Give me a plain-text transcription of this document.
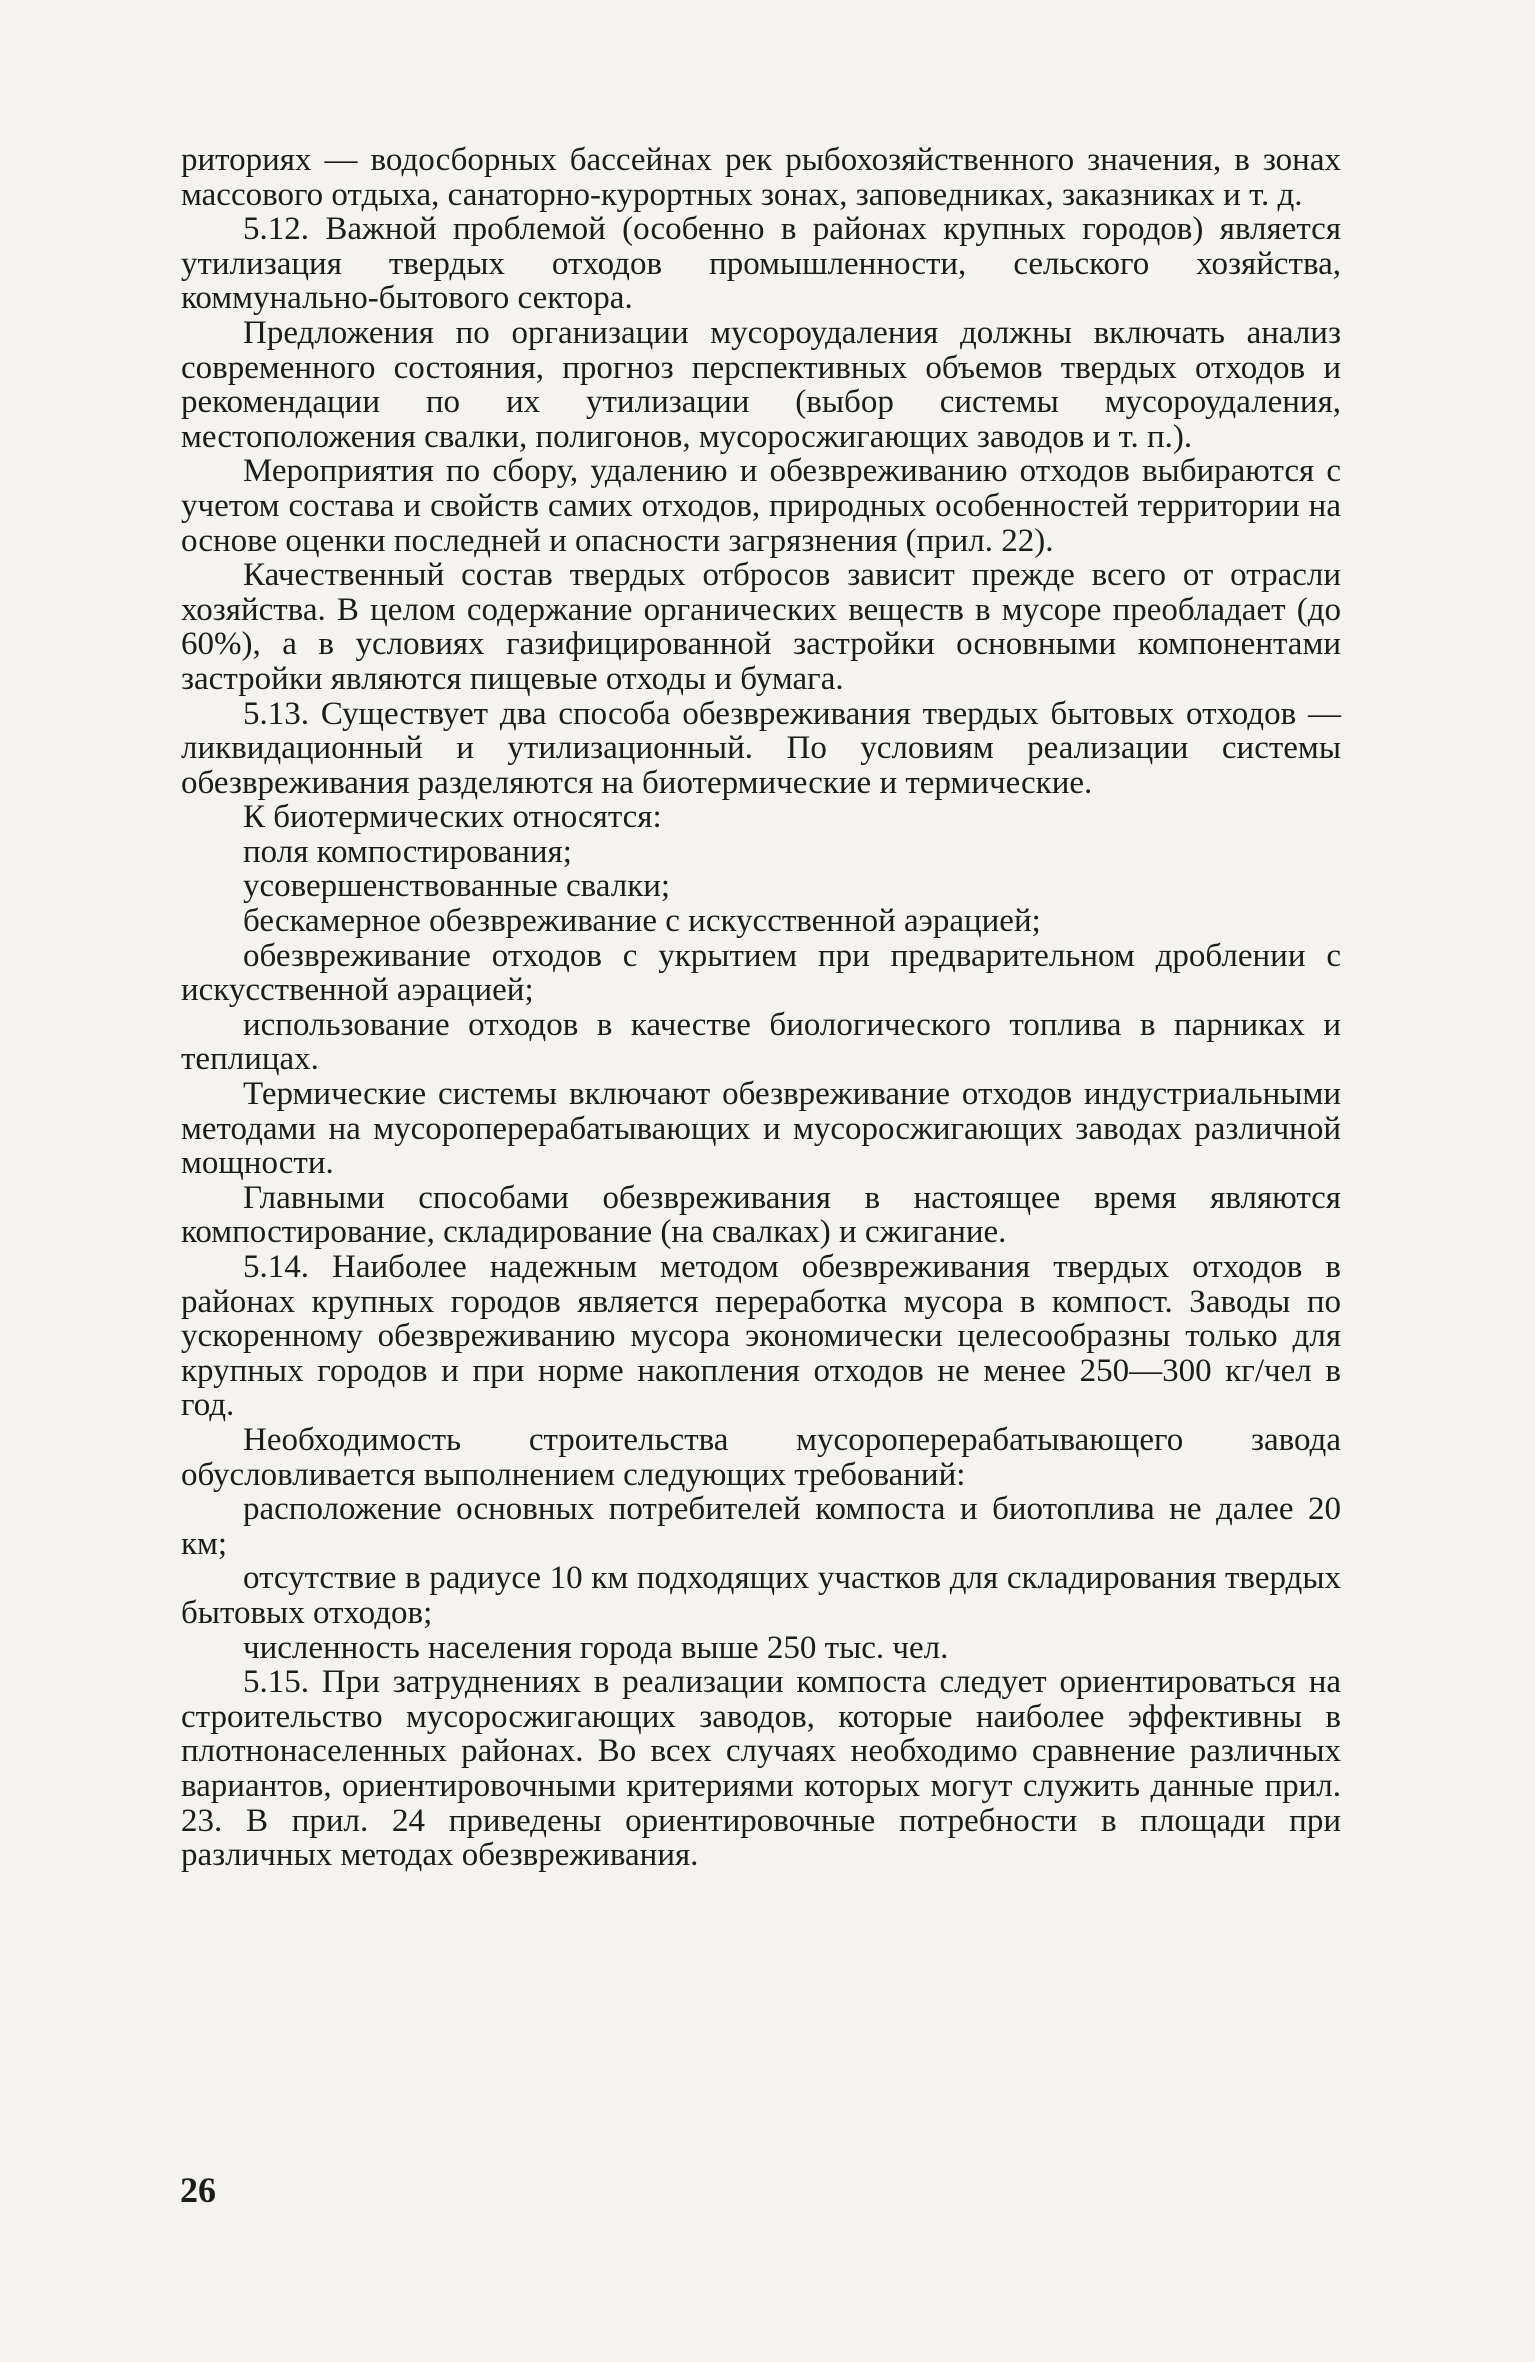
риториях — водосборных бассейнах рек рыбохозяйственного значения, в зонах массового отдыха, санаторно-курортных зонах, заповедниках, заказниках и т. д.

5.12. Важной проблемой (особенно в районах крупных городов) является утилизация твердых отходов промышленности, сельского хозяйства, коммунально-бытового сектора.

Предложения по организации мусороудаления должны включать анализ современного состояния, прогноз перспективных объемов твердых отходов и рекомендации по их утилизации (выбор системы мусороудаления, местоположения свалки, полигонов, мусоросжигающих заводов и т. п.).

Мероприятия по сбору, удалению и обезвреживанию отходов выбираются с учетом состава и свойств самих отходов, природных особенностей территории на основе оценки последней и опасности загрязнения (прил. 22).

Качественный состав твердых отбросов зависит прежде всего от отрасли хозяйства. В целом содержание органических веществ в мусоре преобладает (до 60%), а в условиях газифицированной застройки основными компонентами застройки являются пищевые отходы и бумага.

5.13. Существует два способа обезвреживания твердых бытовых отходов — ликвидационный и утилизационный. По условиям реализации системы обезвреживания разделяются на биотермические и термические.

К биотермических относятся:

поля компостирования;

усовершенствованные свалки;

бескамерное обезвреживание с искусственной аэрацией;

обезвреживание отходов с укрытием при предварительном дроблении с искусственной аэрацией;

использование отходов в качестве биологического топлива в парниках и теплицах.

Термические системы включают обезвреживание отходов индустриальными методами на мусороперерабатывающих и мусоросжигающих заводах различной мощности.

Главными способами обезвреживания в настоящее время являются компостирование, складирование (на свалках) и сжигание.

5.14. Наиболее надежным методом обезвреживания твердых отходов в районах крупных городов является переработка мусора в компост. Заводы по ускоренному обезвреживанию мусора экономически целесообразны только для крупных городов и при норме накопления отходов не менее 250—300 кг/чел в год.

Необходимость строительства мусороперерабатывающего завода обусловливается выполнением следующих требований:

расположение основных потребителей компоста и биотоплива не далее 20 км;

отсутствие в радиусе 10 км подходящих участков для складирования твердых бытовых отходов;

численность населения города выше 250 тыс. чел.

5.15. При затруднениях в реализации компоста следует ориентироваться на строительство мусоросжигающих заводов, которые наиболее эффективны в плотнонаселенных районах. Во всех случаях необходимо сравнение различных вариантов, ориентировочными критериями которых могут служить данные прил. 23. В прил. 24 приведены ориентировочные потребности в площади при различных методах обезвреживания.

26
